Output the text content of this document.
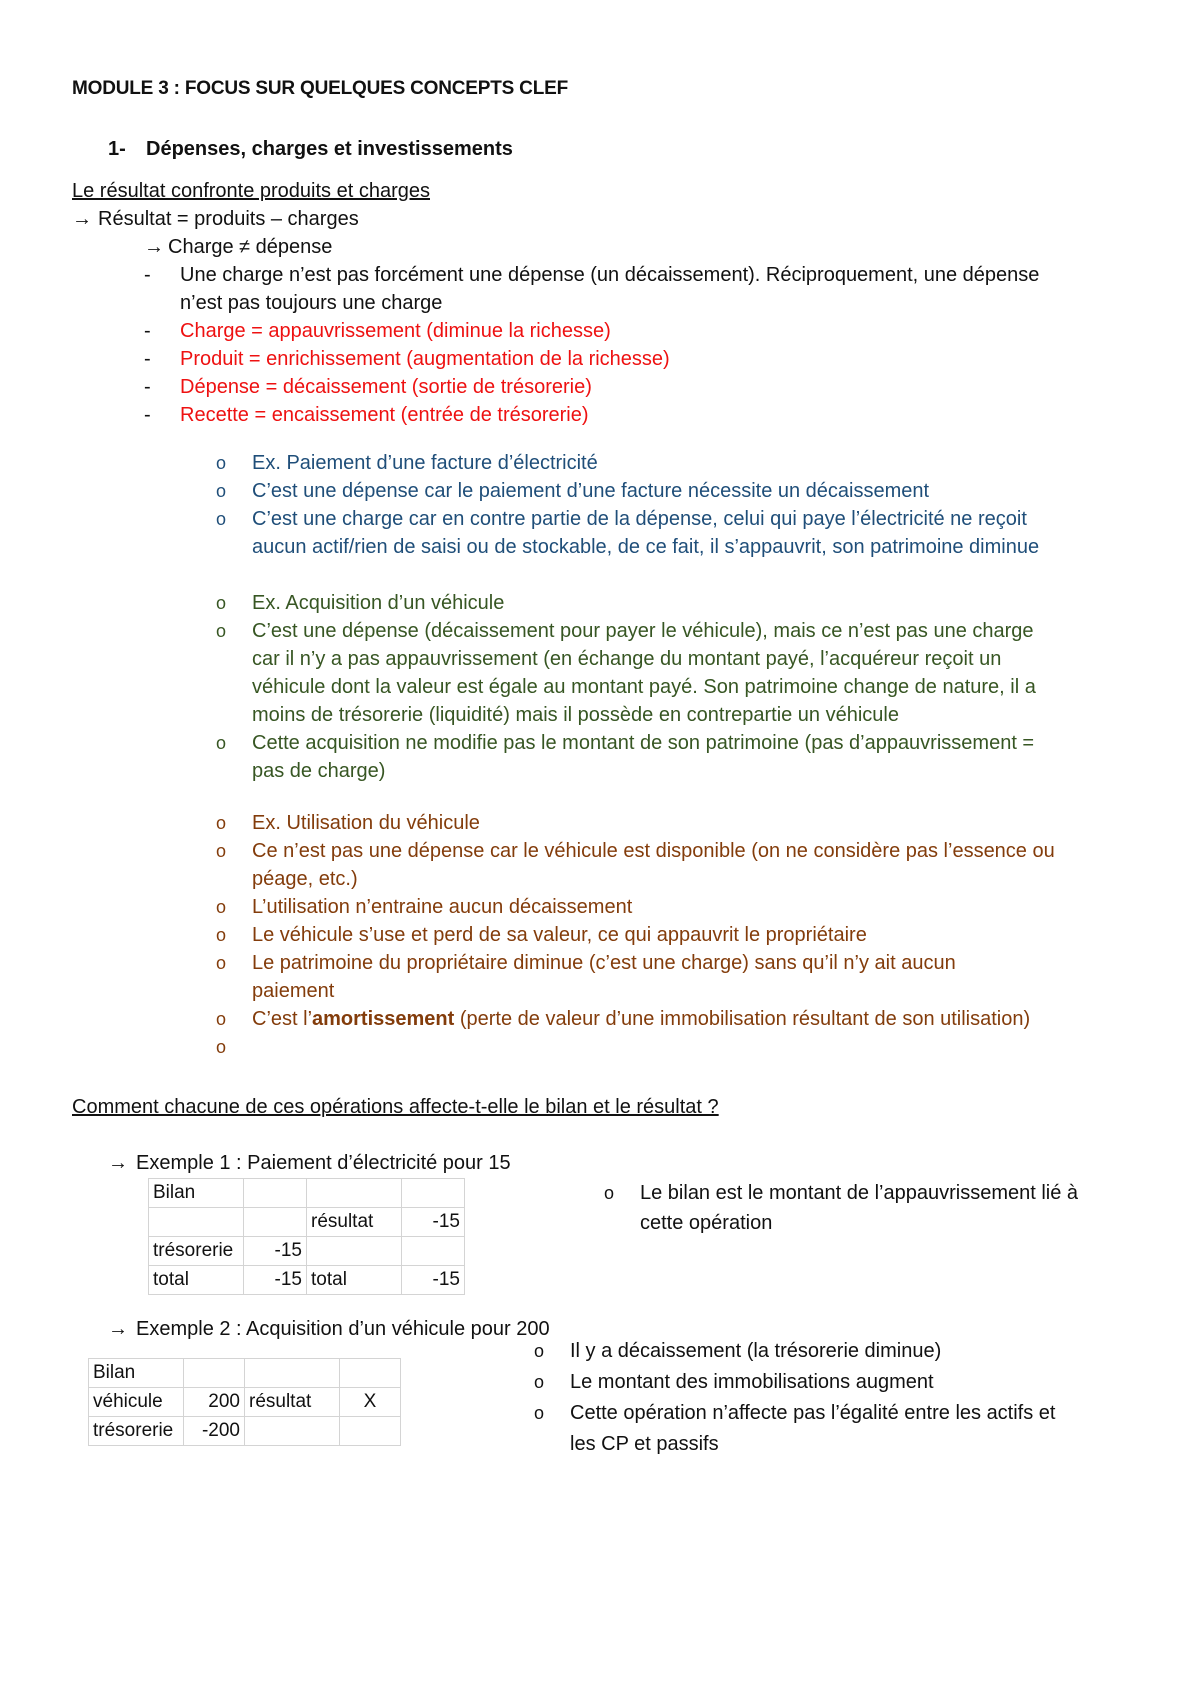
MODULE 3 : FOCUS SUR QUELQUES CONCEPTS CLEF
1- Dépenses, charges et investissements
Le résultat confronte produits et charges
→ Résultat = produits – charges
→ Charge ≠ dépense
- Une charge n’est pas forcément une dépense (un décaissement). Réciproquement, une dépense
n’est pas toujours une charge
- Charge = appauvrissement (diminue la richesse)
- Produit = enrichissement (augmentation de la richesse)
- Dépense = décaissement (sortie de trésorerie)
- Recette = encaissement (entrée de trésorerie)
o Ex. Paiement d’une facture d’électricité
o C’est une dépense car le paiement d’une facture nécessite un décaissement
o C’est une charge car en contre partie de la dépense, celui qui paye l’électricité ne reçoit
aucun actif/rien de saisi ou de stockable, de ce fait, il s’appauvrit, son patrimoine diminue
o Ex. Acquisition d’un véhicule
o C’est une dépense (décaissement pour payer le véhicule), mais ce n’est pas une charge
car il n’y a pas appauvrissement (en échange du montant payé, l’acquéreur reçoit un
véhicule dont la valeur est égale au montant payé. Son patrimoine change de nature, il a
moins de trésorerie (liquidité) mais il possède en contrepartie un véhicule
o Cette acquisition ne modifie pas le montant de son patrimoine (pas d’appauvrissement =
pas de charge)
o Ex. Utilisation du véhicule
o Ce n’est pas une dépense car le véhicule est disponible (on ne considère pas l’essence ou
péage, etc.)
o L’utilisation n’entraine aucun décaissement
o Le véhicule s’use et perd de sa valeur, ce qui appauvrit le propriétaire
o Le patrimoine du propriétaire diminue (c’est une charge) sans qu’il n’y ait aucun
paiement
o C’est l’amortissement (perte de valeur d’une immobilisation résultant de son utilisation)
o
Comment chacune de ces opérations affecte-t-elle le bilan et le résultat ?
→ Exemple 1 : Paiement d’électricité pour 15
Bilan			
		résultat	-15
trésorerie	-15		
total	-15	total	-15
o Le bilan est le montant de l’appauvrissement lié à
cette opération
→ Exemple 2 : Acquisition d’un véhicule pour 200
Bilan			
véhicule	200	résultat	X
trésorerie	-200		
o Il y a décaissement (la trésorerie diminue)
o Le montant des immobilisations augment
o Cette opération n’affecte pas l’égalité entre les actifs et
les CP et passifs
